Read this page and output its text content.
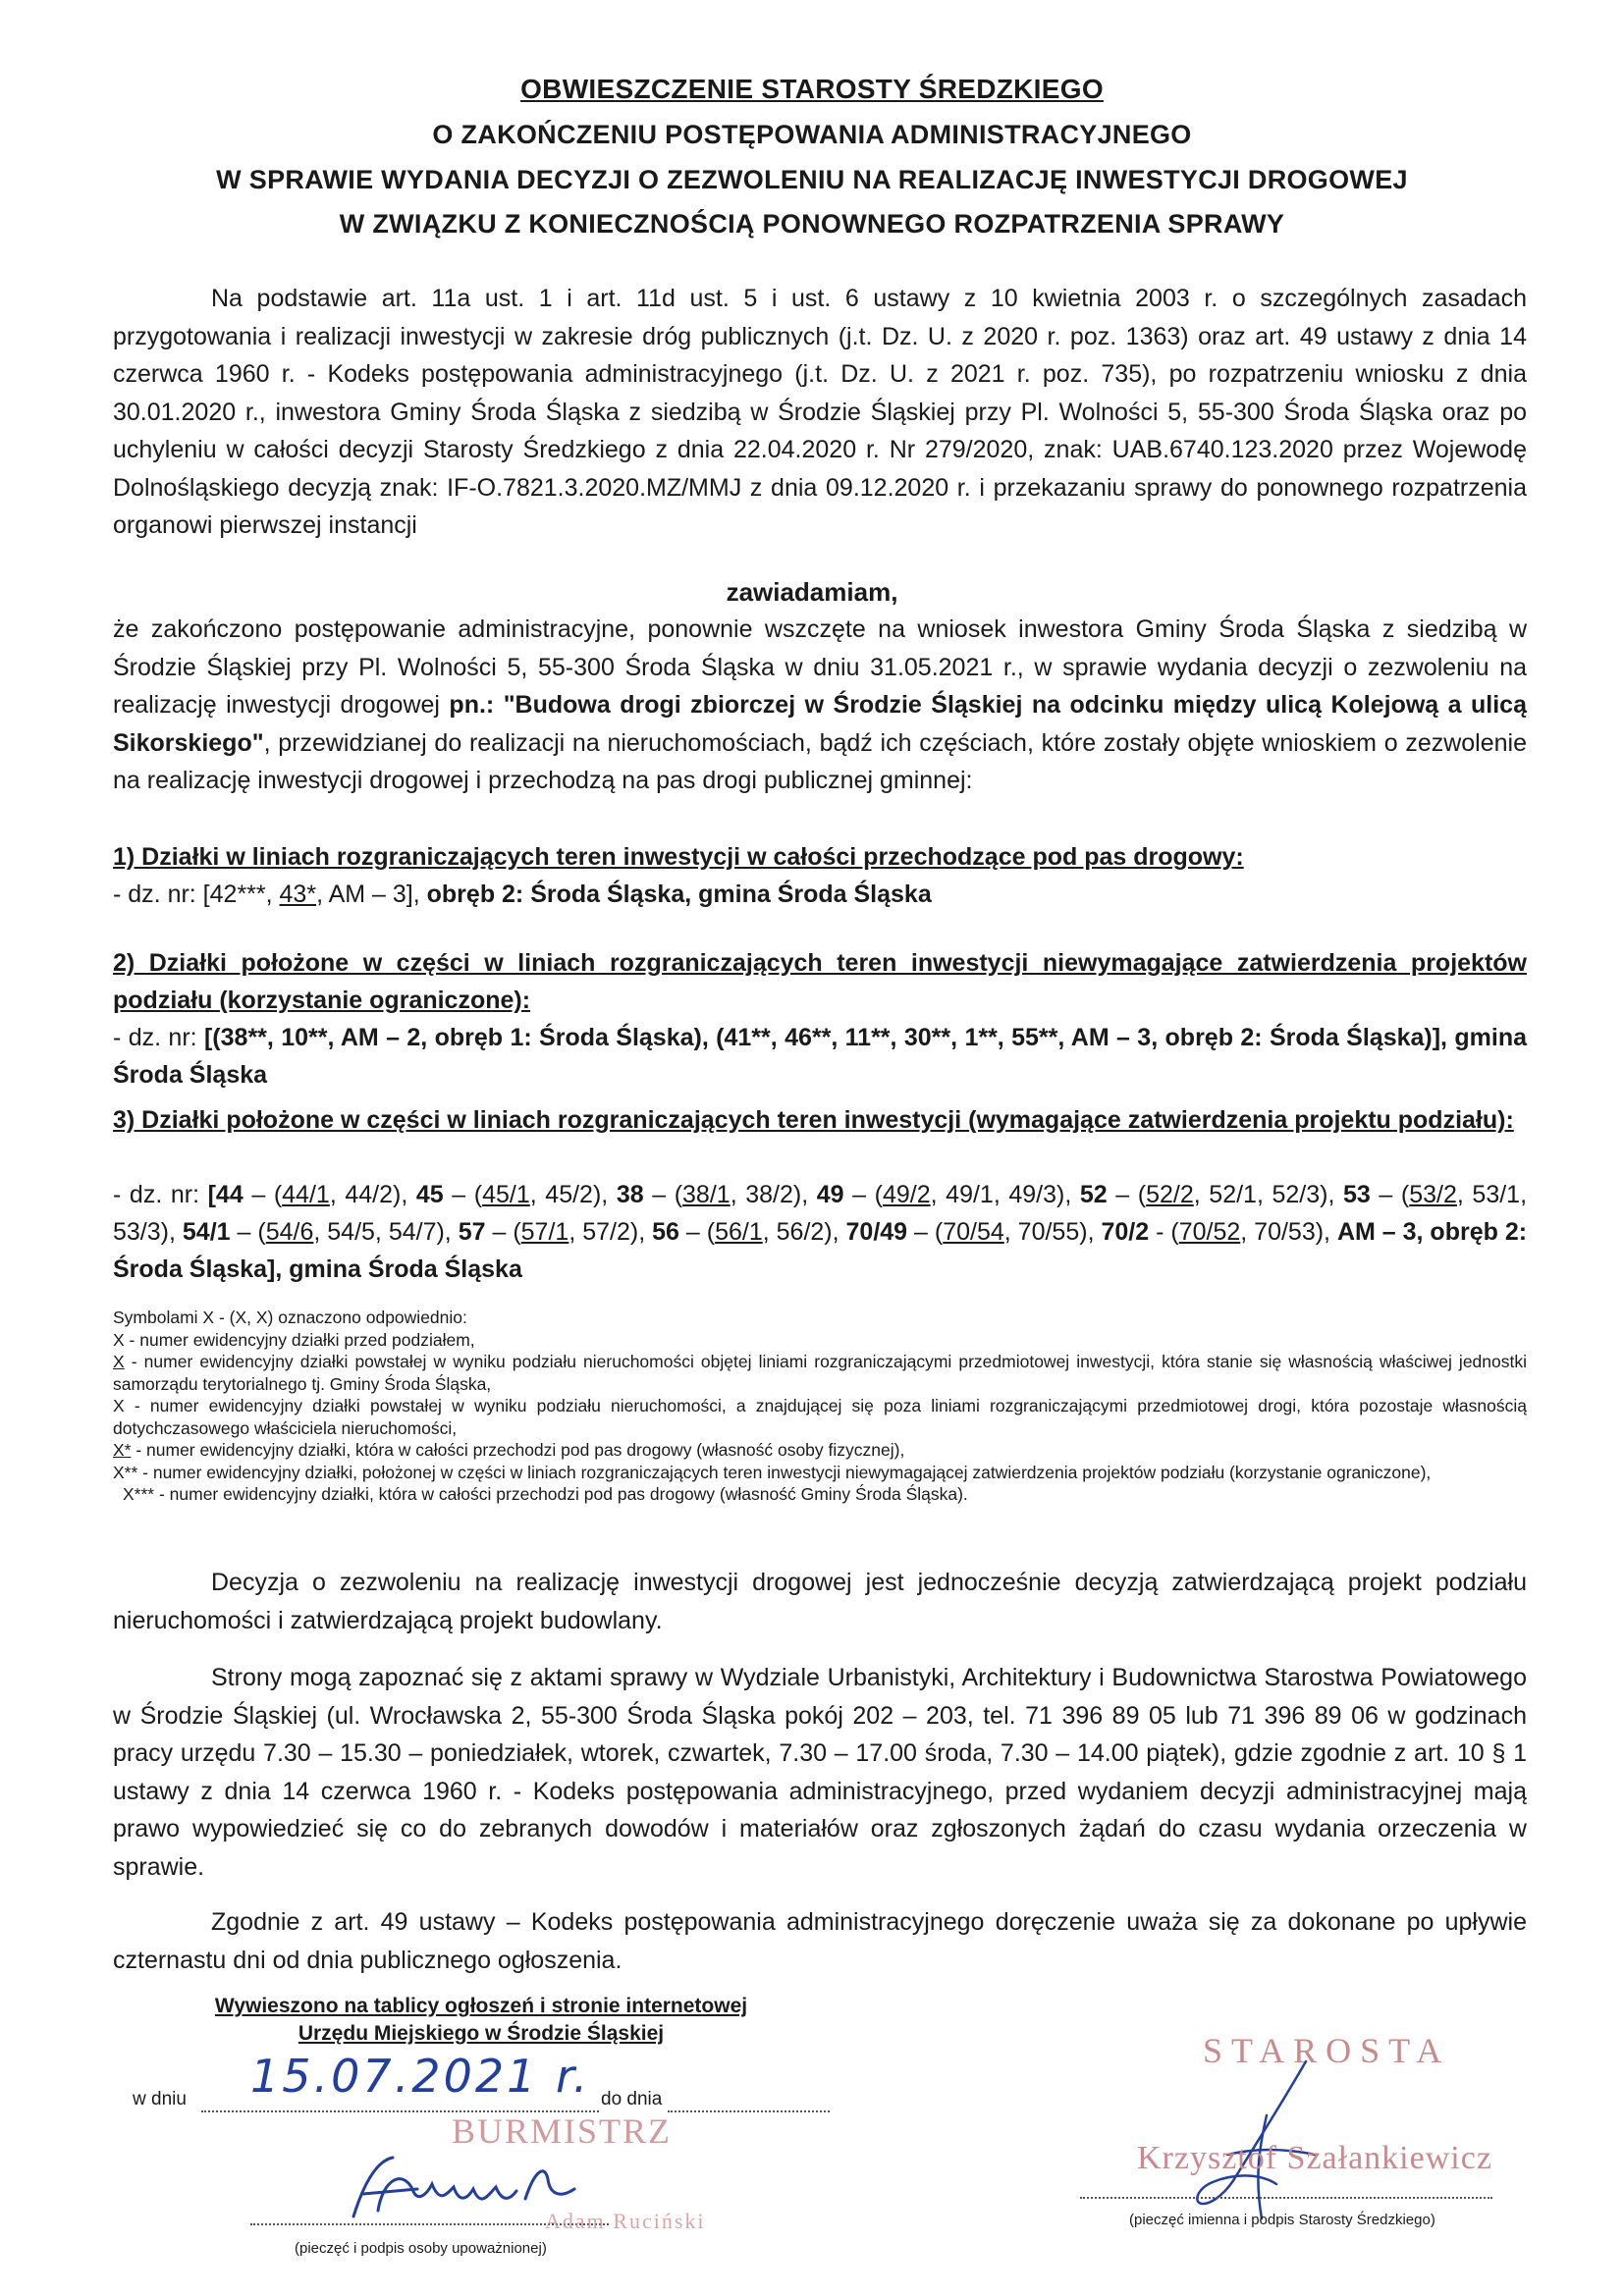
OBWIESZCZENIE STAROSTY ŚREDZKIEGO
O ZAKOŃCZENIU POSTĘPOWANIA ADMINISTRACYJNEGO
W SPRAWIE WYDANIA DECYZJI O ZEZWOLENIU NA REALIZACJĘ INWESTYCJI DROGOWEJ
W ZWIĄZKU Z KONIECZNOŚCIĄ PONOWNEGO ROZPATRZENIA SPRAWY
Na podstawie art. 11a ust. 1 i art. 11d ust. 5 i ust. 6 ustawy z 10 kwietnia 2003 r. o szczególnych zasadach przygotowania i realizacji inwestycji w zakresie dróg publicznych (j.t. Dz. U. z 2020 r. poz. 1363) oraz art. 49 ustawy z dnia 14 czerwca 1960 r. - Kodeks postępowania administracyjnego (j.t. Dz. U. z 2021 r. poz. 735), po rozpatrzeniu wniosku z dnia 30.01.2020 r., inwestora Gminy Środa Śląska z siedzibą w Środzie Śląskiej przy Pl. Wolności 5, 55-300 Środa Śląska oraz po uchyleniu w całości decyzji Starosty Średzkiego z dnia 22.04.2020 r. Nr 279/2020, znak: UAB.6740.123.2020 przez Wojewodę Dolnośląskiego decyzją znak: IF-O.7821.3.2020.MZ/MMJ z dnia 09.12.2020 r. i przekazaniu sprawy do ponownego rozpatrzenia organowi pierwszej instancji
zawiadamiam,
że zakończono postępowanie administracyjne, ponownie wszczęte na wniosek inwestora Gminy Środa Śląska z siedzibą w Środzie Śląskiej przy Pl. Wolności 5, 55-300 Środa Śląska w dniu 31.05.2021 r., w sprawie wydania decyzji o zezwoleniu na realizację inwestycji drogowej pn.: "Budowa drogi zbiorczej w Środzie Śląskiej na odcinku między ulicą Kolejową a ulicą Sikorskiego", przewidzianej do realizacji na nieruchomościach, bądź ich częściach, które zostały objęte wnioskiem o zezwolenie na realizację inwestycji drogowej i przechodzą na pas drogi publicznej gminnej:
1) Działki w liniach rozgraniczających teren inwestycji w całości przechodzące pod pas drogowy:
- dz. nr: [42***, 43*, AM – 3], obręb 2: Środa Śląska, gmina Środa Śląska
2) Działki położone w części w liniach rozgraniczających teren inwestycji niewymagające zatwierdzenia projektów podziału (korzystanie ograniczone):
- dz. nr: [(38**, 10**, AM – 2, obręb 1: Środa Śląska), (41**, 46**, 11**, 30**, 1**, 55**, AM – 3, obręb 2: Środa Śląska)], gmina Środa Śląska
3) Działki położone w części w liniach rozgraniczających teren inwestycji (wymagające zatwierdzenia projektu podziału):
- dz. nr: [44 – (44/1, 44/2), 45 – (45/1, 45/2), 38 – (38/1, 38/2), 49 – (49/2, 49/1, 49/3), 52 – (52/2, 52/1, 52/3), 53 – (53/2, 53/1, 53/3), 54/1 – (54/6, 54/5, 54/7), 57 – (57/1, 57/2), 56 – (56/1, 56/2), 70/49 – (70/54, 70/55), 70/2 - (70/52, 70/53), AM – 3, obręb 2: Środa Śląska], gmina Środa Śląska
Symbolami X - (X, X) oznaczono odpowiednio:
X - numer ewidencyjny działki przed podziałem,
X - numer ewidencyjny działki powstałej w wyniku podziału nieruchomości objętej liniami rozgraniczającymi przedmiotowej inwestycji, która stanie się własnością właściwej jednostki samorządu terytorialnego tj. Gminy Środa Śląska,
X - numer ewidencyjny działki powstałej w wyniku podziału nieruchomości, a znajdującej się poza liniami rozgraniczającymi przedmiotowej drogi, która pozostaje własnością dotychczasowego właściciela nieruchomości,
X* - numer ewidencyjny działki, która w całości przechodzi pod pas drogowy (własność osoby fizycznej),
X** - numer ewidencyjny działki, położonej w części w liniach rozgraniczających teren inwestycji niewymagającej zatwierdzenia projektów podziału (korzystanie ograniczone),
X*** - numer ewidencyjny działki, która w całości przechodzi pod pas drogowy (własność Gminy Środa Śląska).
Decyzja o zezwoleniu na realizację inwestycji drogowej jest jednocześnie decyzją zatwierdzającą projekt podziału nieruchomości i zatwierdzającą projekt budowlany.
Strony mogą zapoznać się z aktami sprawy w Wydziale Urbanistyki, Architektury i Budownictwa Starostwa Powiatowego w Środzie Śląskiej (ul. Wrocławska 2, 55-300 Środa Śląska pokój 202 – 203, tel. 71 396 89 05 lub 71 396 89 06 w godzinach pracy urzędu 7.30 – 15.30 – poniedziałek, wtorek, czwartek, 7.30 – 17.00 środa, 7.30 – 14.00 piątek), gdzie zgodnie z art. 10 § 1 ustawy z dnia 14 czerwca 1960 r. - Kodeks postępowania administracyjnego, przed wydaniem decyzji administracyjnej mają prawo wypowiedzieć się co do zebranych dowodów i materiałów oraz zgłoszonych żądań do czasu wydania orzeczenia w sprawie.
Zgodnie z art. 49 ustawy – Kodeks postępowania administracyjnego doręczenie uważa się za dokonane po upływie czternastu dni od dnia publicznego ogłoszenia.
Wywieszono na tablicy ogłoszeń i stronie internetowej
Urzędu Miejskiego w Środzie Śląskiej
w dniu 15.07.2021 r. do dnia
BURMISTRZ
Adam Ruciński
(pieczęć i podpis osoby upoważnionej)
STAROSTA
Krzysztof Szałankiewicz
(pieczęć imienna i podpis Starosty Średzkiego)
